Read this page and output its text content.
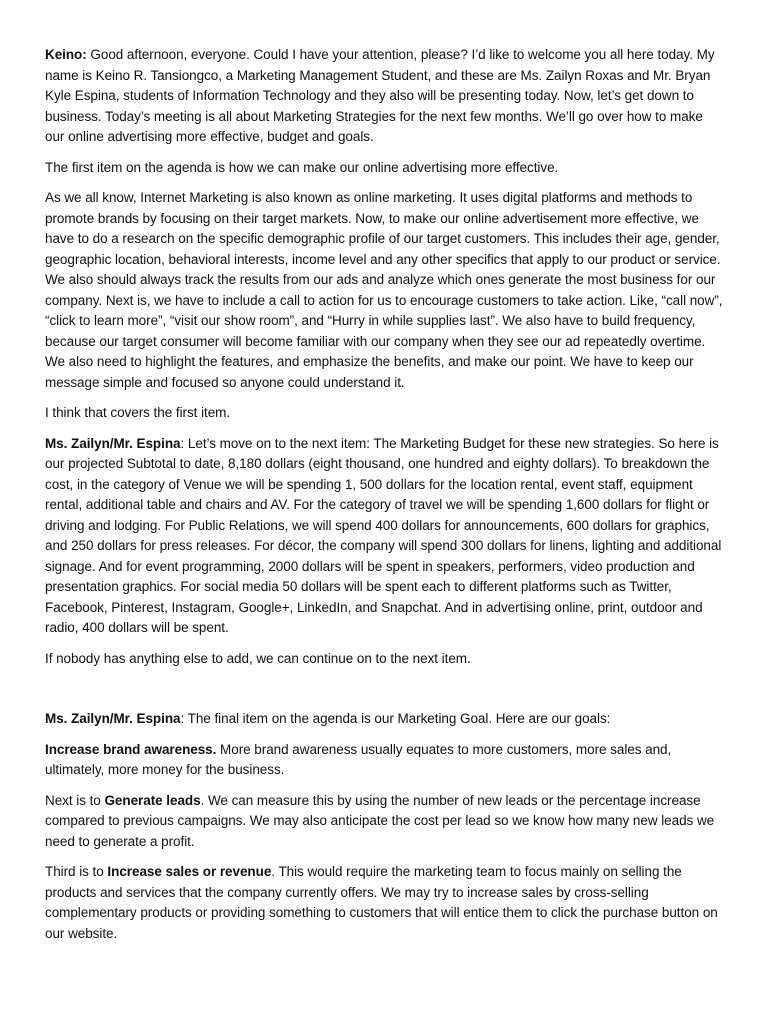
Keino: Good afternoon, everyone. Could I have your attention, please? I’d like to welcome you all here today. My name is Keino R. Tansiongco, a Marketing Management Student, and these are Ms. Zailyn Roxas and Mr. Bryan Kyle Espina, students of Information Technology and they also will be presenting today. Now, let’s get down to business. Today’s meeting is all about Marketing Strategies for the next few months. We’ll go over how to make our online advertising more effective, budget and goals.

The first item on the agenda is how we can make our online advertising more effective.

As we all know, Internet Marketing is also known as online marketing. It uses digital platforms and methods to promote brands by focusing on their target markets. Now, to make our online advertisement more effective, we have to do a research on the specific demographic profile of our target customers. This includes their age, gender, geographic location, behavioral interests, income level and any other specifics that apply to our product or service. We also should always track the results from our ads and analyze which ones generate the most business for our company. Next is, we have to include a call to action for us to encourage customers to take action. Like, “call now”, “click to learn more”, “visit our show room”, and “Hurry in while supplies last”. We also have to build frequency, because our target consumer will become familiar with our company when they see our ad repeatedly overtime. We also need to highlight the features, and emphasize the benefits, and make our point. We have to keep our message simple and focused so anyone could understand it.

I think that covers the first item.

Ms. Zailyn/Mr. Espina: Let’s move on to the next item: The Marketing Budget for these new strategies. So here is our projected Subtotal to date, 8,180 dollars (eight thousand, one hundred and eighty dollars). To breakdown the cost, in the category of Venue we will be spending 1, 500 dollars for the location rental, event staff, equipment rental, additional table and chairs and AV. For the category of travel we will be spending 1,600 dollars for flight or driving and lodging. For Public Relations, we will spend 400 dollars for announcements, 600 dollars for graphics, and 250 dollars for press releases. For décor, the company will spend 300 dollars for linens, lighting and additional signage. And for event programming, 2000 dollars will be spent in speakers, performers, video production and presentation graphics. For social media 50 dollars will be spent each to different platforms such as Twitter, Facebook, Pinterest, Instagram, Google+, LinkedIn, and Snapchat. And in advertising online, print, outdoor and radio, 400 dollars will be spent.

If nobody has anything else to add, we can continue on to the next item.

Ms. Zailyn/Mr. Espina: The final item on the agenda is our Marketing Goal. Here are our goals:

Increase brand awareness. More brand awareness usually equates to more customers, more sales and, ultimately, more money for the business.

Next is to Generate leads. We can measure this by using the number of new leads or the percentage increase compared to previous campaigns. We may also anticipate the cost per lead so we know how many new leads we need to generate a profit.

Third is to Increase sales or revenue. This would require the marketing team to focus mainly on selling the products and services that the company currently offers. We may try to increase sales by cross-selling complementary products or providing something to customers that will entice them to click the purchase button on our website.
